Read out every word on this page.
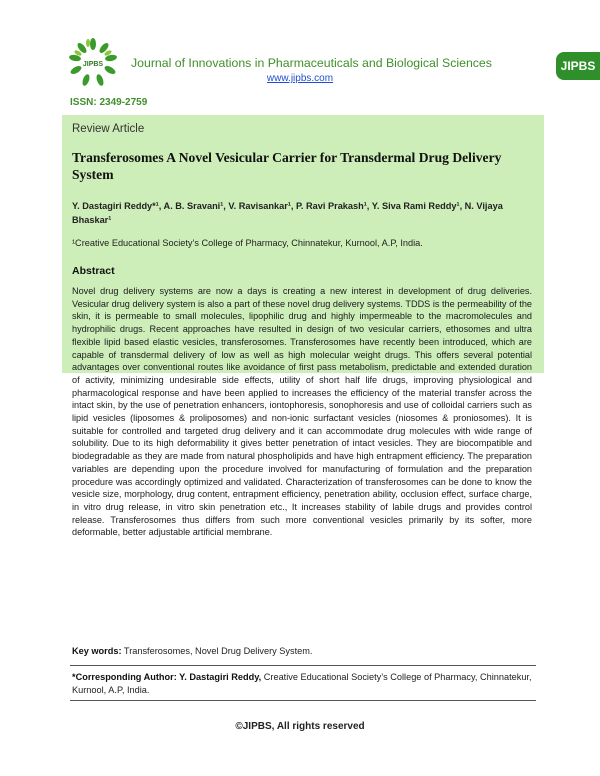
JIPBS Journal of Innovations in Pharmaceuticals and Biological Sciences
www.jipbs.com
JIPBS
ISSN: 2349-2759
Review Article
Transferosomes A Novel Vesicular Carrier for Transdermal Drug Delivery System
Y. Dastagiri Reddy*¹, A. B. Sravani¹, V. Ravisankar¹, P. Ravi Prakash¹, Y. Siva Rami Reddy¹, N. Vijaya Bhaskar¹
¹Creative Educational Society’s College of Pharmacy, Chinnatekur, Kurnool, A.P, India.
Abstract
Novel drug delivery systems are now a days is creating a new interest in development of drug deliveries. Vesicular drug delivery system is also a part of these novel drug delivery systems. TDDS is the permeability of the skin, it is permeable to small molecules, lipophilic drug and highly impermeable to the macromolecules and hydrophilic drugs. Recent approaches have resulted in design of two vesicular carriers, ethosomes and ultra flexible lipid based elastic vesicles, transferosomes. Transferosomes have recently been introduced, which are capable of transdermal delivery of low as well as high molecular weight drugs. This offers several potential advantages over conventional routes like avoidance of first pass metabolism, predictable and extended duration of activity, minimizing undesirable side effects, utility of short half life drugs, improving physiological and pharmacological response and have been applied to increases the efficiency of the material transfer across the intact skin, by the use of penetration enhancers, iontophoresis, sonophoresis and use of colloidal carriers such as lipid vesicles (liposomes & proliposomes) and non-ionic surfactant vesicles (niosomes & proniosomes). It is suitable for controlled and targeted drug delivery and it can accommodate drug molecules with wide range of solubility. Due to its high deformability it gives better penetration of intact vesicles. They are biocompatible and biodegradable as they are made from natural phospholipids and have high entrapment efficiency. The preparation variables are depending upon the procedure involved for manufacturing of formulation and the preparation procedure was accordingly optimized and validated. Characterization of transferosomes can be done to know the vesicle size, morphology, drug content, entrapment efficiency, penetration ability, occlusion effect, surface charge, in vitro drug release, in vitro skin penetration etc., It increases stability of labile drugs and provides control release. Transferosomes thus differs from such more conventional vesicles primarily by its softer, more deformable, better adjustable artificial membrane.
Key words: Transferosomes, Novel Drug Delivery System.
*Corresponding Author: Y. Dastagiri Reddy, Creative Educational Society’s College of Pharmacy, Chinnatekur, Kurnool, A.P, India.
©JIPBS, All rights reserved
